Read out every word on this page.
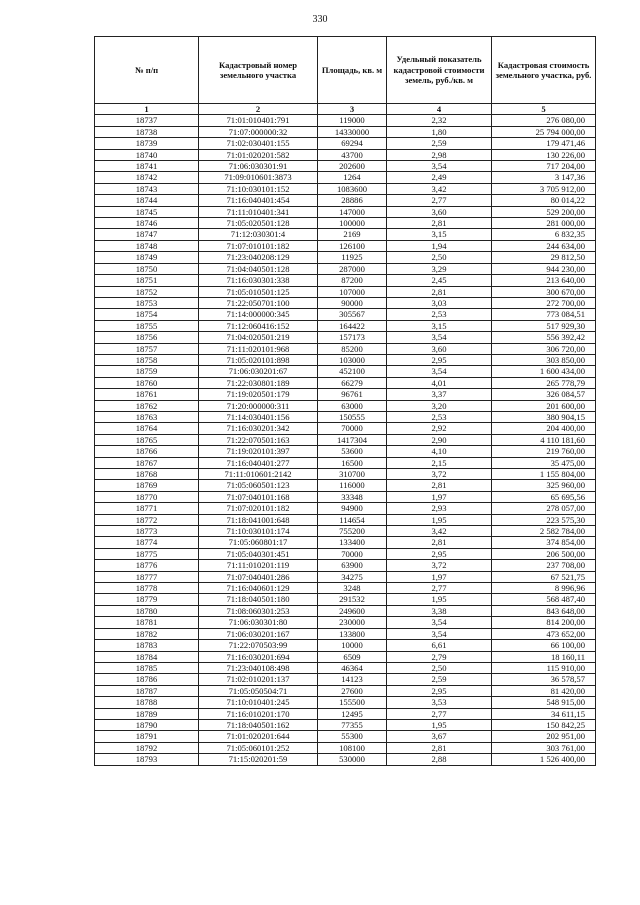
330
№ п/п	Кадастровый номер земельного участка	Площадь, кв. м	Удельный показатель кадастровой стоимости земель, руб./кв. м	Кадастровая стоимость земельного участка, руб.
1	2	3	4	5
18737	71:01:010401:791	119000	2,32	276 080,00
18738	71:07:000000:32	14330000	1,80	25 794 000,00
18739	71:02:030401:155	69294	2,59	179 471,46
18740	71:01:020201:582	43700	2,98	130 226,00
18741	71:06:030301:91	202600	3,54	717 204,00
18742	71:09:010601:3873	1264	2,49	3 147,36
18743	71:10:030101:152	1083600	3,42	3 705 912,00
18744	71:16:040401:454	28886	2,77	80 014,22
18745	71:11:010401:341	147000	3,60	529 200,00
18746	71:05:020501:128	100000	2,81	281 000,00
18747	71:12:030301:4	2169	3,15	6 832,35
18748	71:07:010101:182	126100	1,94	244 634,00
18749	71:23:040208:129	11925	2,50	29 812,50
18750	71:04:040501:128	287000	3,29	944 230,00
18751	71:16:030301:338	87200	2,45	213 640,00
18752	71:05:010501:125	107000	2,81	300 670,00
18753	71:22:050701:100	90000	3,03	272 700,00
18754	71:14:000000:345	305567	2,53	773 084,51
18755	71:12:060416:152	164422	3,15	517 929,30
18756	71:04:020501:219	157173	3,54	556 392,42
18757	71:11:020101:968	85200	3,60	306 720,00
18758	71:05:020101:898	103000	2,95	303 850,00
18759	71:06:030201:67	452100	3,54	1 600 434,00
18760	71:22:030801:189	66279	4,01	265 778,79
18761	71:19:020501:179	96761	3,37	326 084,57
18762	71:20:000000:311	63000	3,20	201 600,00
18763	71:14:030401:156	150555	2,53	380 904,15
18764	71:16:030201:342	70000	2,92	204 400,00
18765	71:22:070501:163	1417304	2,90	4 110 181,60
18766	71:19:020101:397	53600	4,10	219 760,00
18767	71:16:040401:277	16500	2,15	35 475,00
18768	71:11:010601:2142	310700	3,72	1 155 804,00
18769	71:05:060501:123	116000	2,81	325 960,00
18770	71:07:040101:168	33348	1,97	65 695,56
18771	71:07:020101:182	94900	2,93	278 057,00
18772	71:18:041001:648	114654	1,95	223 575,30
18773	71:10:030101:174	755200	3,42	2 582 784,00
18774	71:05:060801:17	133400	2,81	374 854,00
18775	71:05:040301:451	70000	2,95	206 500,00
18776	71:11:010201:119	63900	3,72	237 708,00
18777	71:07:040401:286	34275	1,97	67 521,75
18778	71:16:040601:129	3248	2,77	8 996,96
18779	71:18:040501:180	291532	1,95	568 487,40
18780	71:08:060301:253	249600	3,38	843 648,00
18781	71:06:030301:80	230000	3,54	814 200,00
18782	71:06:030201:167	133800	3,54	473 652,00
18783	71:22:070503:99	10000	6,61	66 100,00
18784	71:16:030201:694	6509	2,79	18 160,11
18785	71:23:040108:498	46364	2,50	115 910,00
18786	71:02:010201:137	14123	2,59	36 578,57
18787	71:05:050504:71	27600	2,95	81 420,00
18788	71:10:010401:245	155500	3,53	548 915,00
18789	71:16:010201:170	12495	2,77	34 611,15
18790	71:18:040501:162	77355	1,95	150 842,25
18791	71:01:020201:644	55300	3,67	202 951,00
18792	71:05:060101:252	108100	2,81	303 761,00
18793	71:15:020201:59	530000	2,88	1 526 400,00
